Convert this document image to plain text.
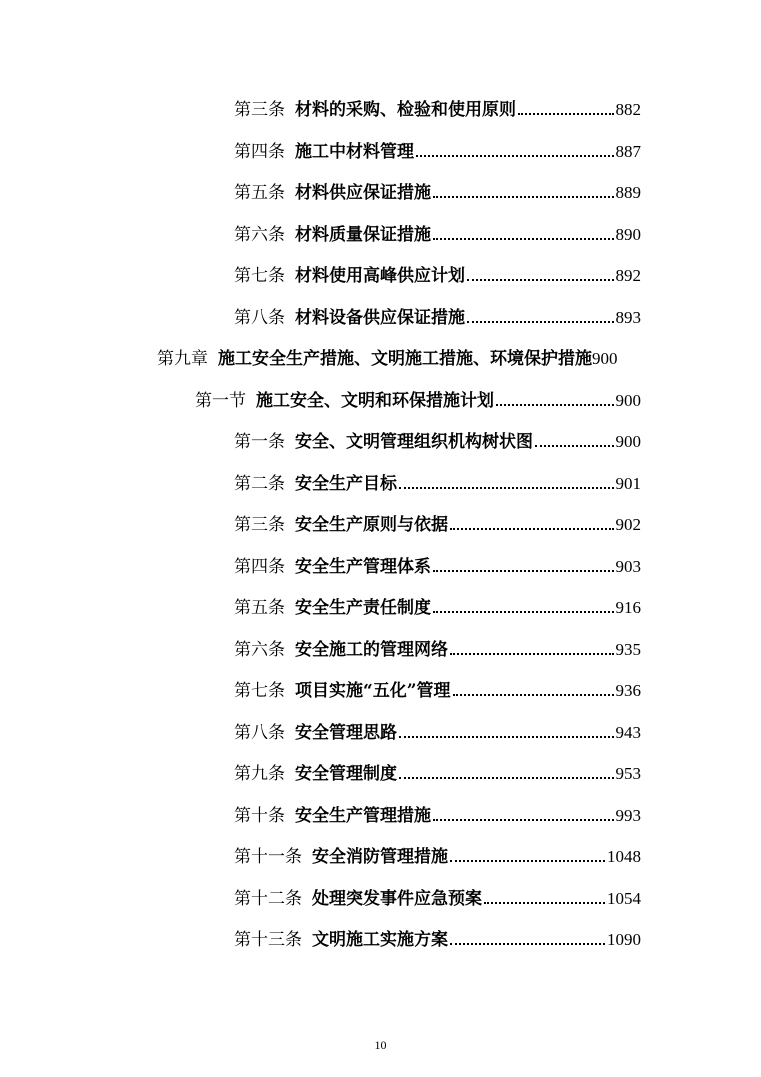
第三条 材料的采购、检验和使用原则	882
第四条 施工中材料管理	887
第五条 材料供应保证措施	889
第六条 材料质量保证措施	890
第七条 材料使用高峰供应计划	892
第八条 材料设备供应保证措施	893
第九章 施工安全生产措施、文明施工措施、环境保护措施 900
第一节 施工安全、文明和环保措施计划	900
第一条 安全、文明管理组织机构树状图	900
第二条 安全生产目标	901
第三条 安全生产原则与依据	902
第四条 安全生产管理体系	903
第五条 安全生产责任制度	916
第六条 安全施工的管理网络	935
第七条 项目实施“五化”管理	936
第八条 安全管理思路	943
第九条 安全管理制度	953
第十条 安全生产管理措施	993
第十一条 安全消防管理措施	1048
第十二条 处理突发事件应急预案	1054
第十三条 文明施工实施方案	1090
10
